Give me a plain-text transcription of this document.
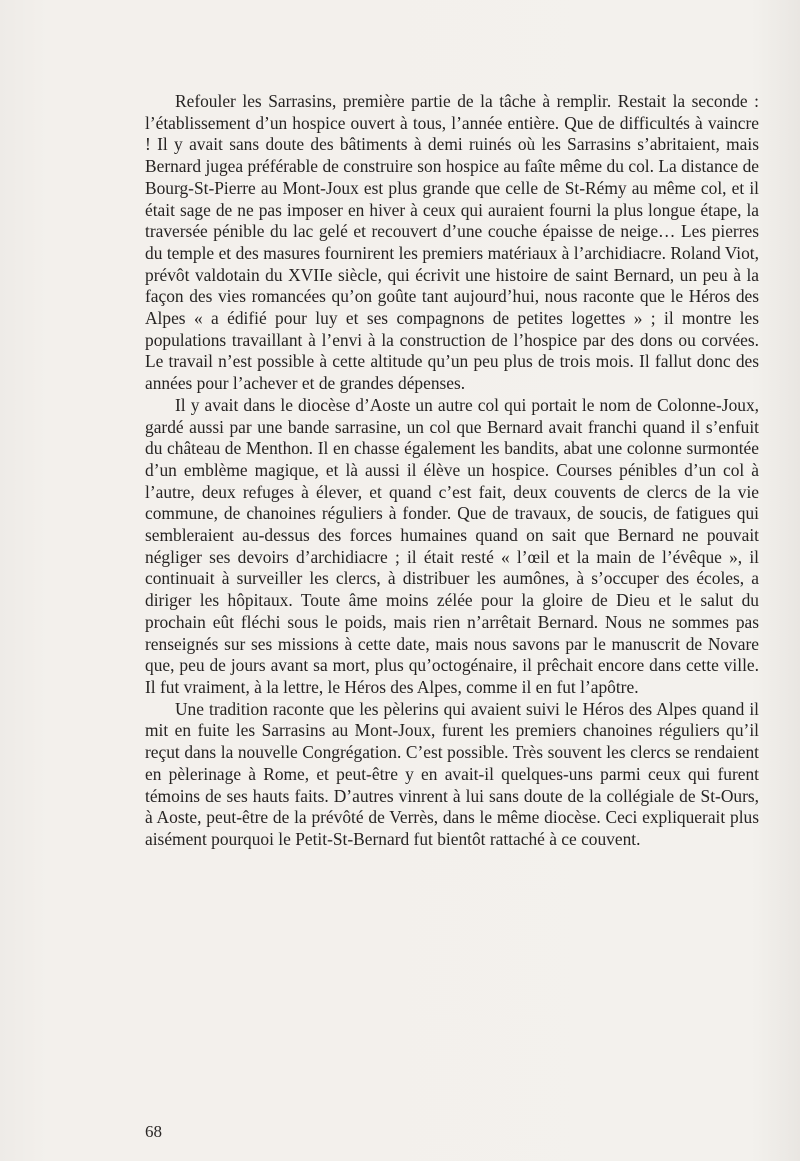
Refouler les Sarrasins, première partie de la tâche à remplir. Restait la seconde : l’établissement d’un hospice ouvert à tous, l’année entière. Que de difficultés à vaincre ! Il y avait sans doute des bâtiments à demi ruinés où les Sarrasins s’abritaient, mais Bernard jugea préférable de construire son hospice au faîte même du col. La distance de Bourg-St-Pierre au Mont-Joux est plus grande que celle de St-Rémy au même col, et il était sage de ne pas imposer en hiver à ceux qui auraient fourni la plus longue étape, la traversée pénible du lac gelé et recouvert d’une couche épaisse de neige… Les pierres du temple et des masures fournirent les premiers matériaux à l’archidiacre. Roland Viot, prévôt valdotain du XVIIe siècle, qui écrivit une histoire de saint Bernard, un peu à la façon des vies romancées qu’on goûte tant aujourd’hui, nous raconte que le Héros des Alpes « a édifié pour luy et ses compagnons de petites logettes » ; il montre les populations travaillant à l’envi à la construction de l’hospice par des dons ou corvées. Le travail n’est possible à cette altitude qu’un peu plus de trois mois. Il fallut donc des années pour l’achever et de grandes dépenses.

Il y avait dans le diocèse d’Aoste un autre col qui portait le nom de Colonne-Joux, gardé aussi par une bande sarrasine, un col que Bernard avait franchi quand il s’enfuit du château de Menthon. Il en chasse également les bandits, abat une colonne surmontée d’un emblème magique, et là aussi il élève un hospice. Courses pénibles d’un col à l’autre, deux refuges à élever, et quand c’est fait, deux couvents de clercs de la vie commune, de chanoines réguliers à fonder. Que de travaux, de soucis, de fatigues qui sembleraient au-dessus des forces humaines quand on sait que Bernard ne pouvait négliger ses devoirs d’archidiacre ; il était resté « l’œil et la main de l’évêque », il continuait à surveiller les clercs, à distribuer les aumônes, à s’occuper des écoles, a diriger les hôpitaux. Toute âme moins zélée pour la gloire de Dieu et le salut du prochain eût fléchi sous le poids, mais rien n’arrêtait Bernard. Nous ne sommes pas renseignés sur ses missions à cette date, mais nous savons par le manuscrit de Novare que, peu de jours avant sa mort, plus qu’octogénaire, il prêchait encore dans cette ville. Il fut vraiment, à la lettre, le Héros des Alpes, comme il en fut l’apôtre.

Une tradition raconte que les pèlerins qui avaient suivi le Héros des Alpes quand il mit en fuite les Sarrasins au Mont-Joux, furent les premiers chanoines réguliers qu’il reçut dans la nouvelle Congrégation. C’est possible. Très souvent les clercs se rendaient en pèlerinage à Rome, et peut-être y en avait-il quelques-uns parmi ceux qui furent témoins de ses hauts faits. D’autres vinrent à lui sans doute de la collégiale de St-Ours, à Aoste, peut-être de la prévôté de Verrès, dans le même diocèse. Ceci expliquerait plus aisément pourquoi le Petit-St-Bernard fut bientôt rattaché à ce couvent.

68
